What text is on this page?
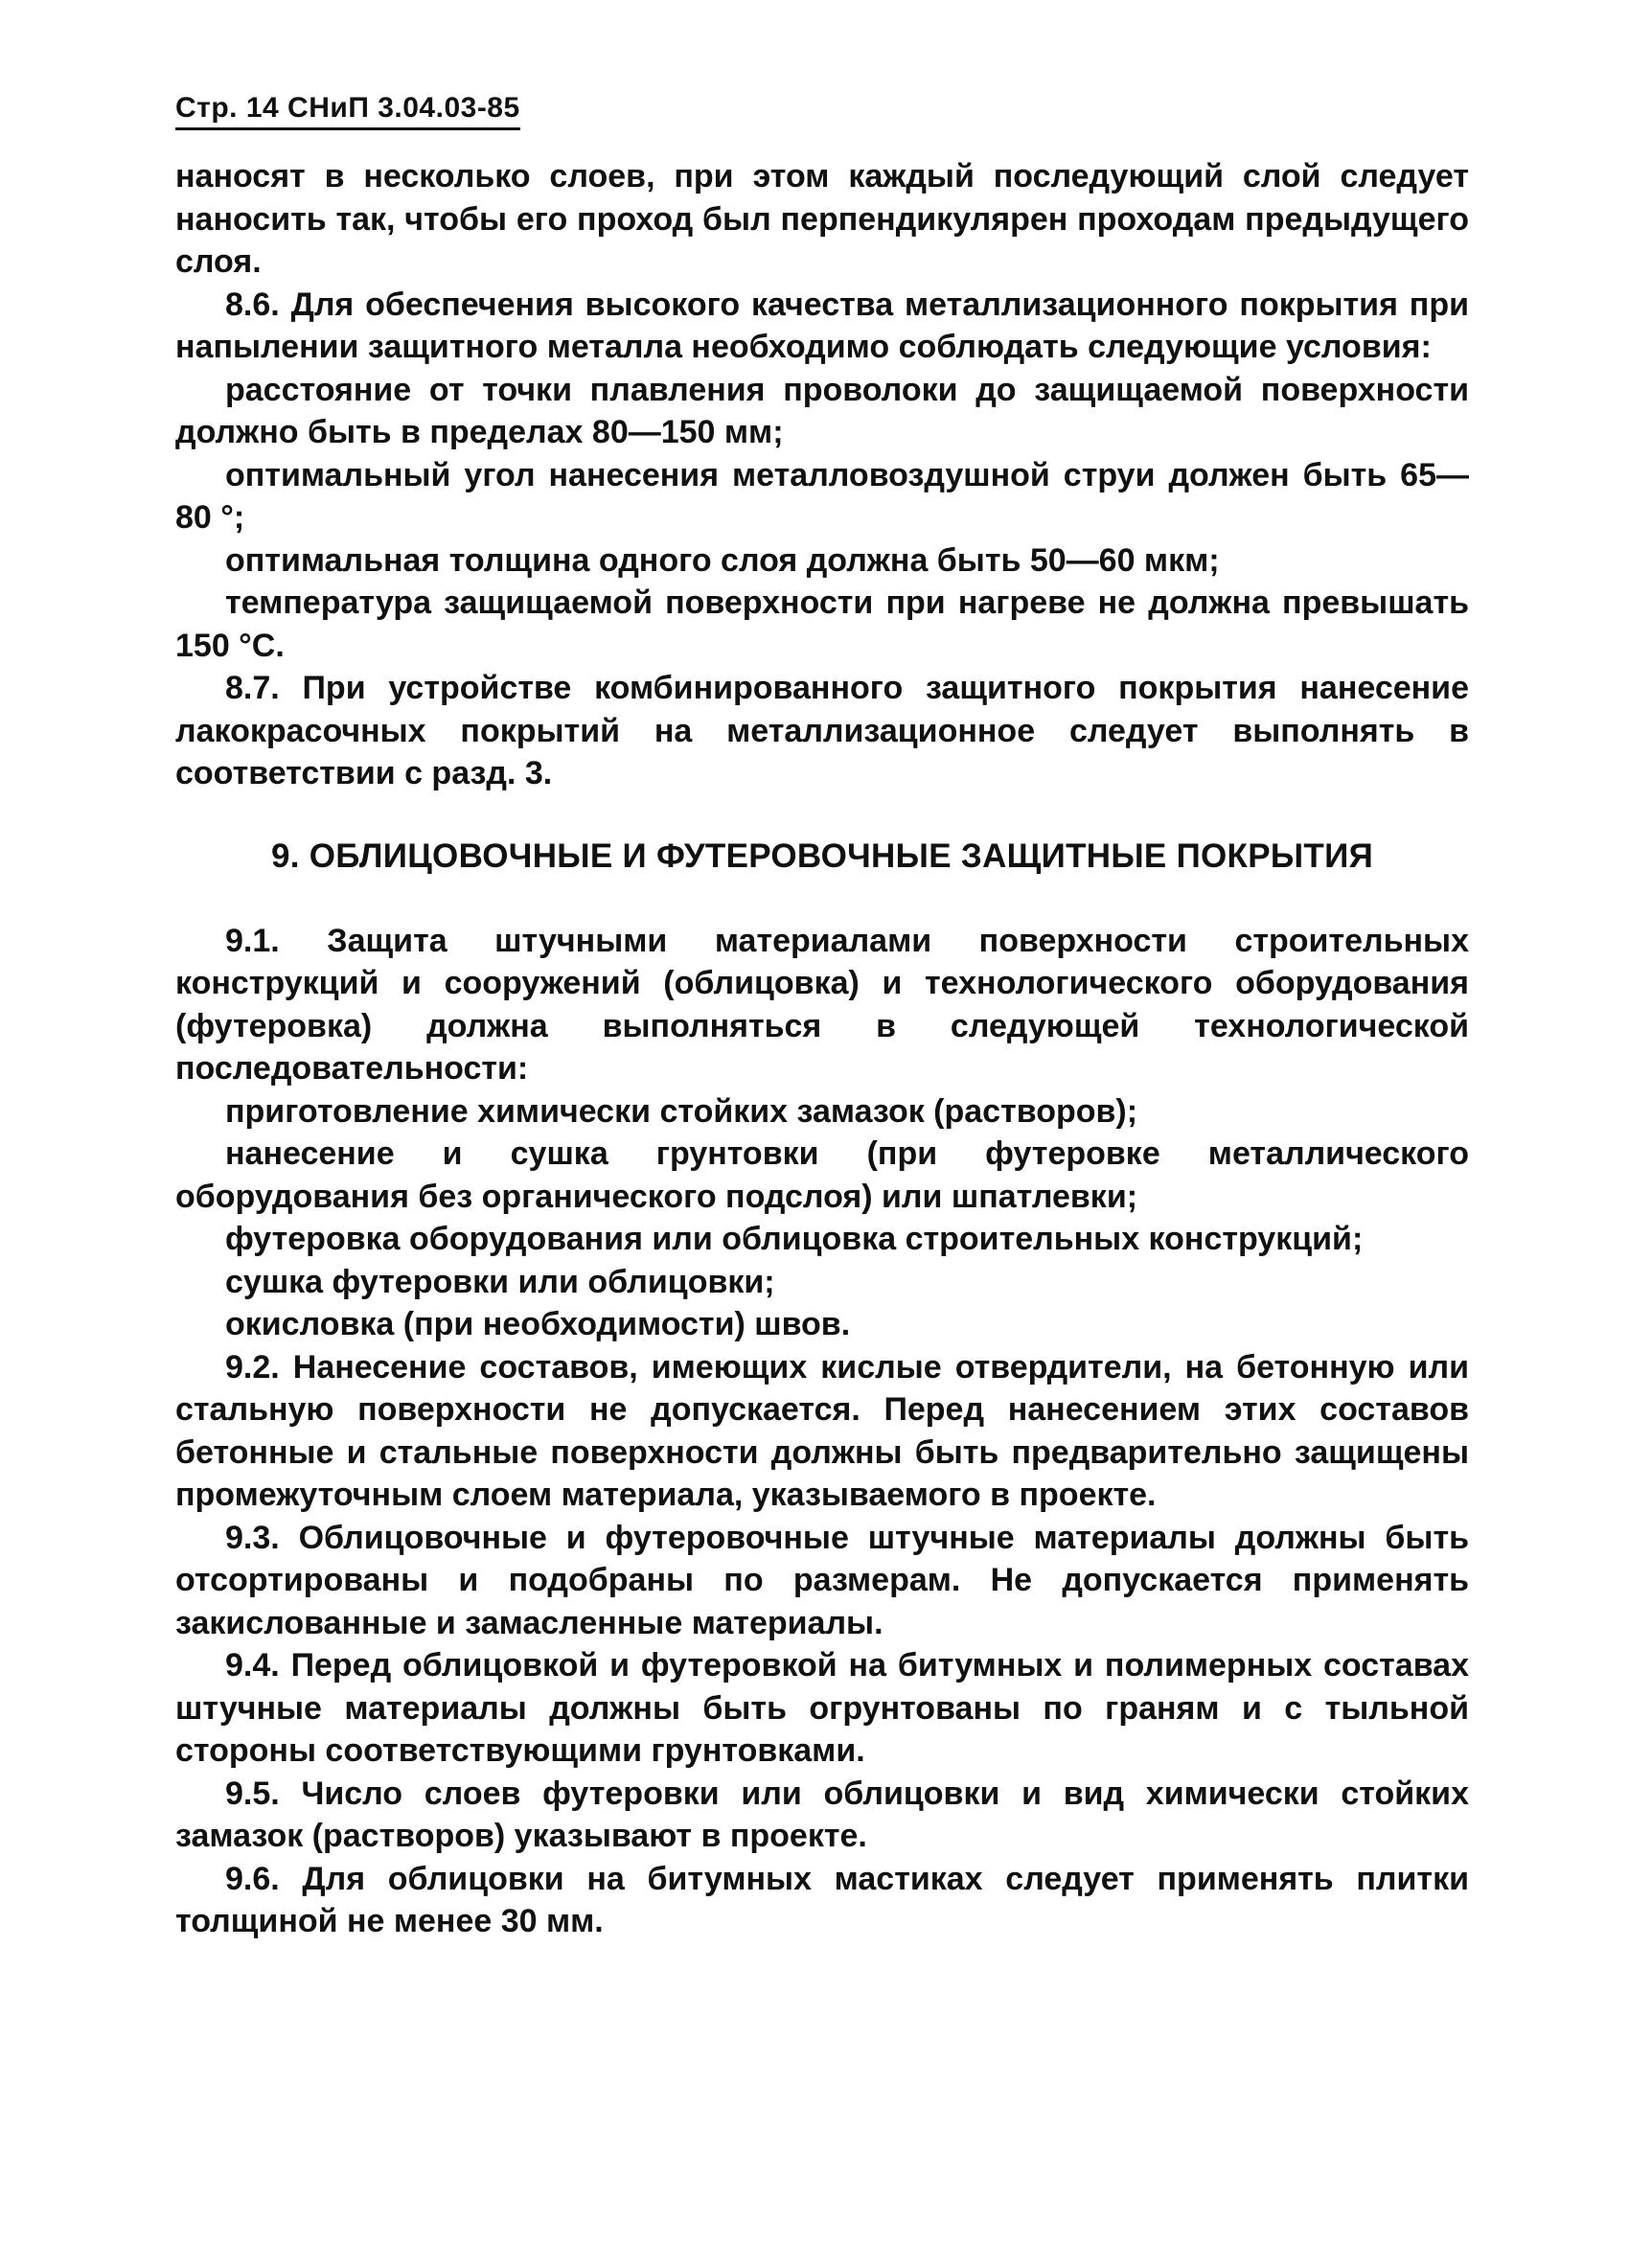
Стр. 14 СНиП 3.04.03-85

наносят в несколько слоев, при этом каждый последующий слой следует наносить так, чтобы его проход был перпендикулярен проходам предыдущего слоя.

8.6. Для обеспечения высокого качества металлизационного покрытия при напылении защитного металла необходимо соблюдать следующие условия:

расстояние от точки плавления проволоки до защищаемой поверхности должно быть в пределах 80—150 мм;

оптимальный угол нанесения металловоздушной струи должен быть 65—80 °;

оптимальная толщина одного слоя должна быть 50—60 мкм;

температура защищаемой поверхности при нагреве не должна превышать 150 °С.

8.7. При устройстве комбинированного защитного покрытия нанесение лакокрасочных покрытий на металлизационное следует выполнять в соответствии с разд. 3.

9. ОБЛИЦОВОЧНЫЕ И ФУТЕРОВОЧНЫЕ ЗАЩИТНЫЕ ПОКРЫТИЯ

9.1. Защита штучными материалами поверхности строительных конструкций и сооружений (облицовка) и технологического оборудования (футеровка) должна выполняться в следующей технологической последовательности:

приготовление химически стойких замазок (растворов);

нанесение и сушка грунтовки (при футеровке металлического оборудования без органического подслоя) или шпатлевки;

футеровка оборудования или облицовка строительных конструкций;

сушка футеровки или облицовки;

окисловка (при необходимости) швов.

9.2. Нанесение составов, имеющих кислые отвердители, на бетонную или стальную поверхности не допускается. Перед нанесением этих составов бетонные и стальные поверхности должны быть предварительно защищены промежуточным слоем материала, указываемого в проекте.

9.3. Облицовочные и футеровочные штучные материалы должны быть отсортированы и подобраны по размерам. Не допускается применять закислованные и замасленные материалы.

9.4. Перед облицовкой и футеровкой на битумных и полимерных составах штучные материалы должны быть огрунтованы по граням и с тыльной стороны соответствующими грунтовками.

9.5. Число слоев футеровки или облицовки и вид химически стойких замазок (растворов) указывают в проекте.

9.6. Для облицовки на битумных мастиках следует применять плитки толщиной не менее 30 мм.
